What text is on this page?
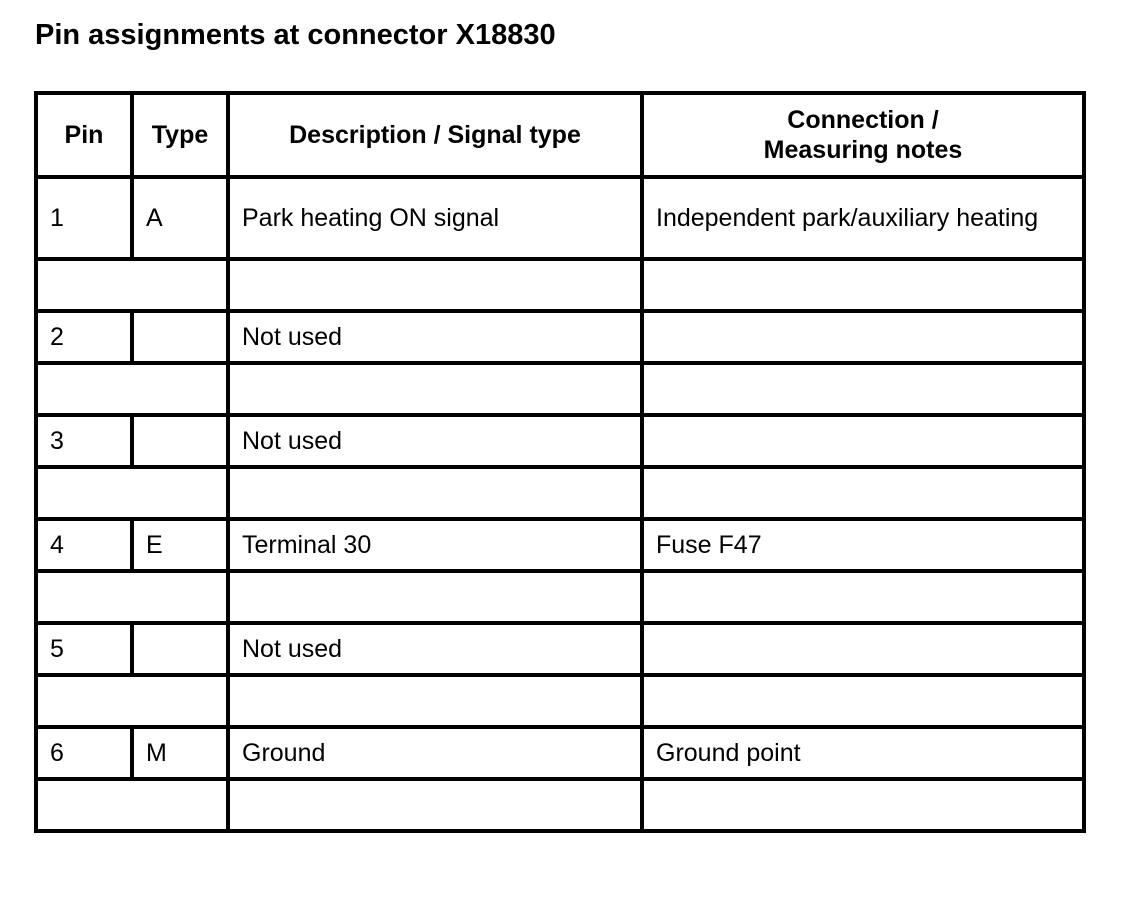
Pin assignments at connector X18830
Pin	Type	Description / Signal type	Connection /
Measuring notes
1	A	Park heating ON signal	Independent park/auxiliary heating

2		Not used	

3		Not used	

4	E	Terminal 30	Fuse F47

5		Not used	

6	M	Ground	Ground point
